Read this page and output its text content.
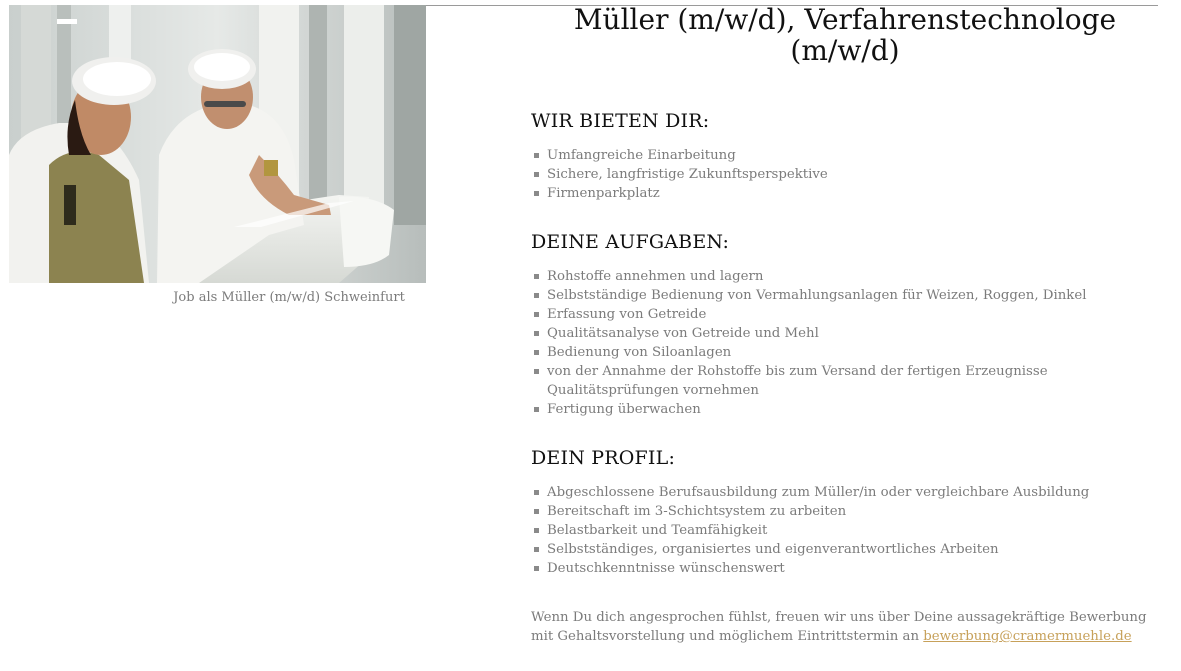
Job als Müller (m/w/d) Schweinfurt
Müller (m/w/d), Verfahrenstechnologe (m/w/d)
WIR BIETEN DIR:
Umfangreiche Einarbeitung
Sichere, langfristige Zukunftsperspektive
Firmenparkplatz
DEINE AUFGABEN:
Rohstoffe annehmen und lagern
Selbstständige Bedienung von Vermahlungsanlagen für Weizen, Roggen, Dinkel
Erfassung von Getreide
Qualitätsanalyse von Getreide und Mehl
Bedienung von Siloanlagen
von der Annahme der Rohstoffe bis zum Versand der fertigen Erzeugnisse Qualitätsprüfungen vornehmen
Fertigung überwachen
DEIN PROFIL:
Abgeschlossene Berufsausbildung zum Müller/in oder vergleichbare Ausbildung
Bereitschaft im 3-Schichtsystem zu arbeiten
Belastbarkeit und Teamfähigkeit
Selbstständiges, organisiertes und eigenverantwortliches Arbeiten
Deutschkenntnisse wünschenswert

Wenn Du dich angesprochen fühlst, freuen wir uns über Deine aussagekräftige Bewerbung mit Gehaltsvorstellung und möglichem Eintrittstermin an bewerbung@cramermuehle.de
